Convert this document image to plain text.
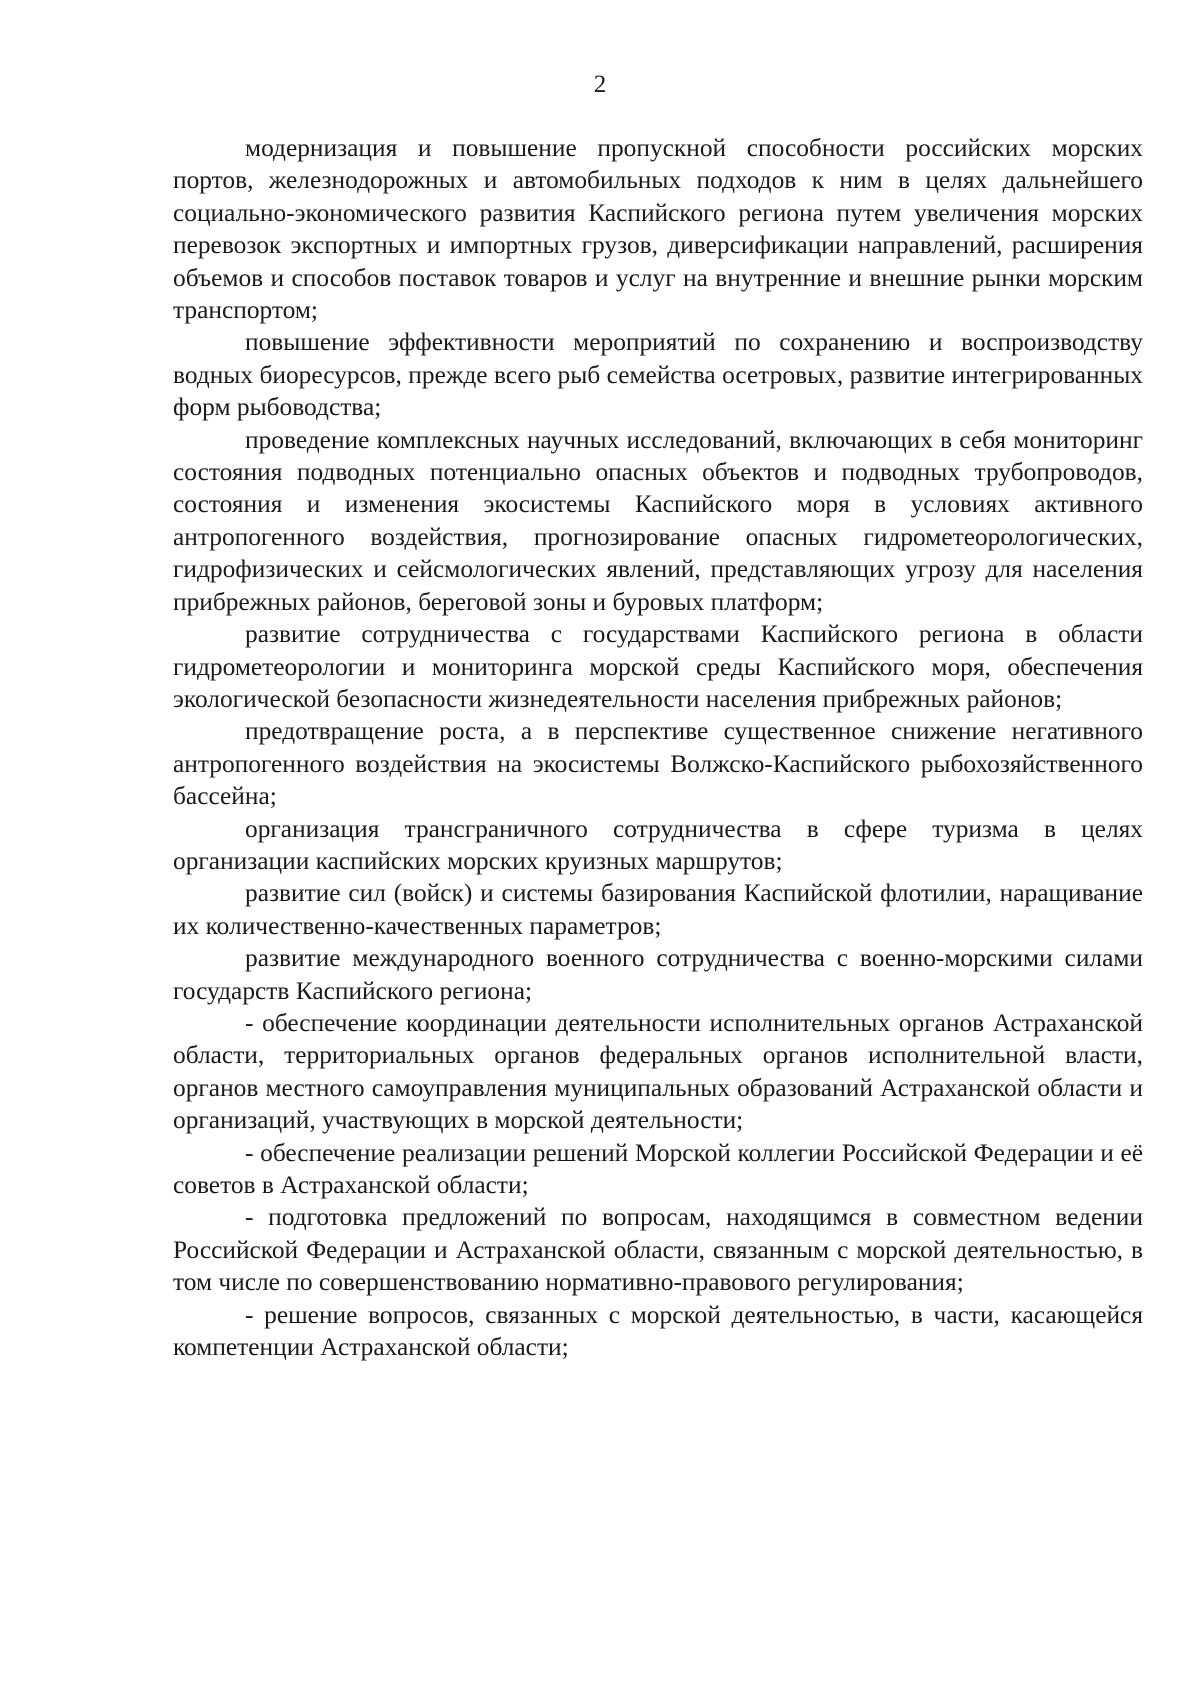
2

модернизация и повышение пропускной способности российских морских портов, железнодорожных и автомобильных подходов к ним в целях дальнейшего социально-экономического развития Каспийского региона путем увеличения морских перевозок экспортных и импортных грузов, диверсификации направлений, расширения объемов и способов поставок товаров и услуг на внутренние и внешние рынки морским транспортом;

повышение эффективности мероприятий по сохранению и воспроизводству водных биоресурсов, прежде всего рыб семейства осетровых, развитие интегрированных форм рыбоводства;

проведение комплексных научных исследований, включающих в себя мониторинг состояния подводных потенциально опасных объектов и подводных трубопроводов, состояния и изменения экосистемы Каспийского моря в условиях активного антропогенного воздействия, прогнозирование опасных гидрометеорологических, гидрофизических и сейсмологических явлений, представляющих угрозу для населения прибрежных районов, береговой зоны и буровых платформ;

развитие сотрудничества с государствами Каспийского региона в области гидрометеорологии и мониторинга морской среды Каспийского моря, обеспечения экологической безопасности жизнедеятельности населения прибрежных районов;

предотвращение роста, а в перспективе существенное снижение негативного антропогенного воздействия на экосистемы Волжско-Каспийского рыбохозяйственного бассейна;

организация трансграничного сотрудничества в сфере туризма в целях организации каспийских морских круизных маршрутов;

развитие сил (войск) и системы базирования Каспийской флотилии, наращивание их количественно-качественных параметров;

развитие международного военного сотрудничества с военно-морскими силами государств Каспийского региона;

- обеспечение координации деятельности исполнительных органов Астраханской области, территориальных органов федеральных органов исполнительной власти, органов местного самоуправления муниципальных образований Астраханской области и организаций, участвующих в морской деятельности;

- обеспечение реализации решений Морской коллегии Российской Федерации и её советов в Астраханской области;

- подготовка предложений по вопросам, находящимся в совместном ведении Российской Федерации и Астраханской области, связанным с морской деятельностью, в том числе по совершенствованию нормативно-правового регулирования;

- решение вопросов, связанных с морской деятельностью, в части, касающейся компетенции Астраханской области;
